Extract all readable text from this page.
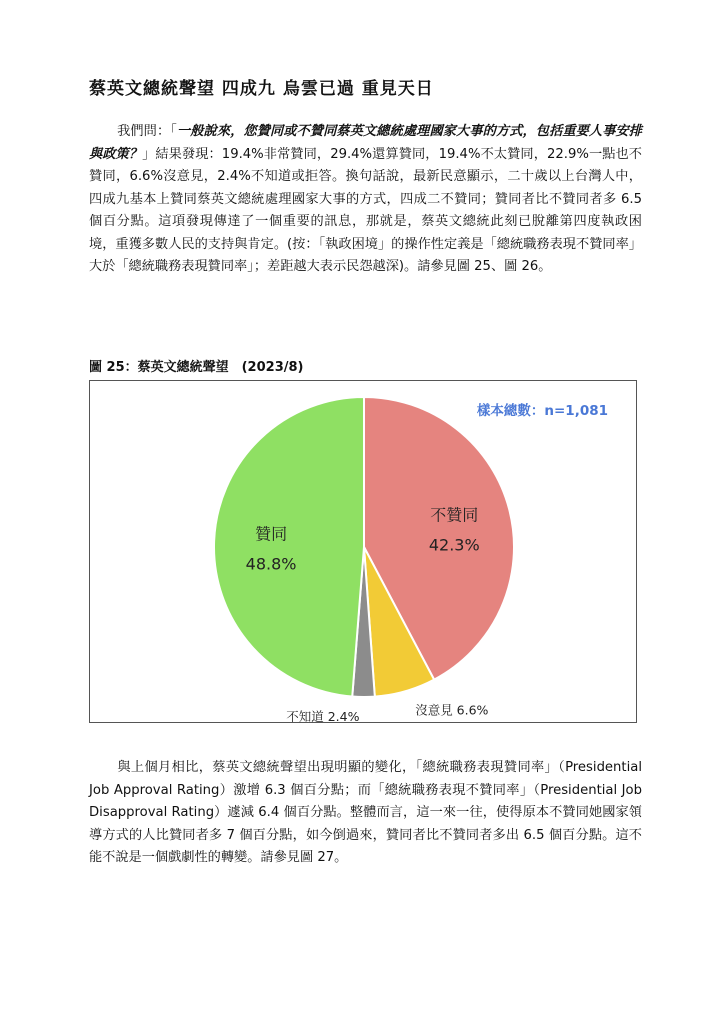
蔡英文總統聲望 四成九 烏雲已過 重見天日
我們問：「一般說來，您贊同或不贊同蔡英文總統處理國家大事的方式，包括重要人事安排與政策？」結果發現：19.4%非常贊同，29.4%還算贊同，19.4%不太贊同，22.9%一點也不贊同，6.6%沒意見，2.4%不知道或拒答。換句話說，最新民意顯示，二十歲以上台灣人中，四成九基本上贊同蔡英文總統處理國家大事的方式，四成二不贊同；贊同者比不贊同者多 6.5 個百分點。這項發現傳達了一個重要的訊息，那就是，蔡英文總統此刻已脫離第四度執政困境，重獲多數人民的支持與肯定。(按：「執政困境」的操作性定義是「總統職務表現不贊同率」大於「總統職務表現贊同率」；差距越大表示民怨越深)。請參見圖 25、圖 26。
圖 25：蔡英文總統聲望　(2023/8)
不贊同
42.3%
沒意見 6.6%
不知道 2.4%
贊同
48.8%
樣本總數：n=1,081
與上個月相比，蔡英文總統聲望出現明顯的變化，「總統職務表現贊同率」（Presidential Job Approval Rating）激增 6.3 個百分點；而「總統職務表現不贊同率」（Presidential Job Disapproval Rating）遽減 6.4 個百分點。整體而言，這一來一往，使得原本不贊同她國家領導方式的人比贊同者多 7 個百分點，如今倒過來，贊同者比不贊同者多出 6.5 個百分點。這不能不說是一個戲劇性的轉變。請參見圖 27。
